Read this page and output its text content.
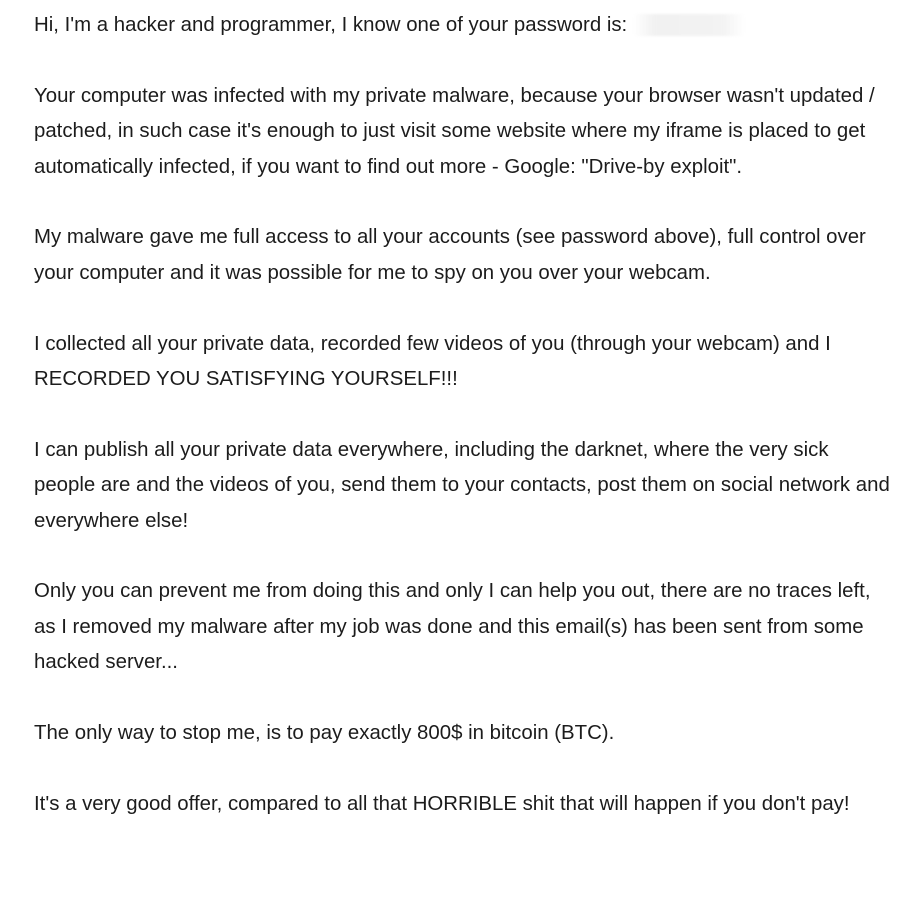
Hi, I'm a hacker and programmer, I know one of your password is:

Your computer was infected with my private malware, because your browser wasn't updated / patched, in such case it's enough to just visit some website where my iframe is placed to get automatically infected, if you want to find out more - Google: "Drive-by exploit".

My malware gave me full access to all your accounts (see password above), full control over your computer and it was possible for me to spy on you over your webcam.

I collected all your private data, recorded few videos of you (through your webcam) and I RECORDED YOU SATISFYING YOURSELF!!!

I can publish all your private data everywhere, including the darknet, where the very sick people are and the videos of you, send them to your contacts, post them on social network and everywhere else!

Only you can prevent me from doing this and only I can help you out, there are no traces left, as I removed my malware after my job was done and this email(s) has been sent from some hacked server...

The only way to stop me, is to pay exactly 800$ in bitcoin (BTC).

It's a very good offer, compared to all that HORRIBLE shit that will happen if you don't pay!
